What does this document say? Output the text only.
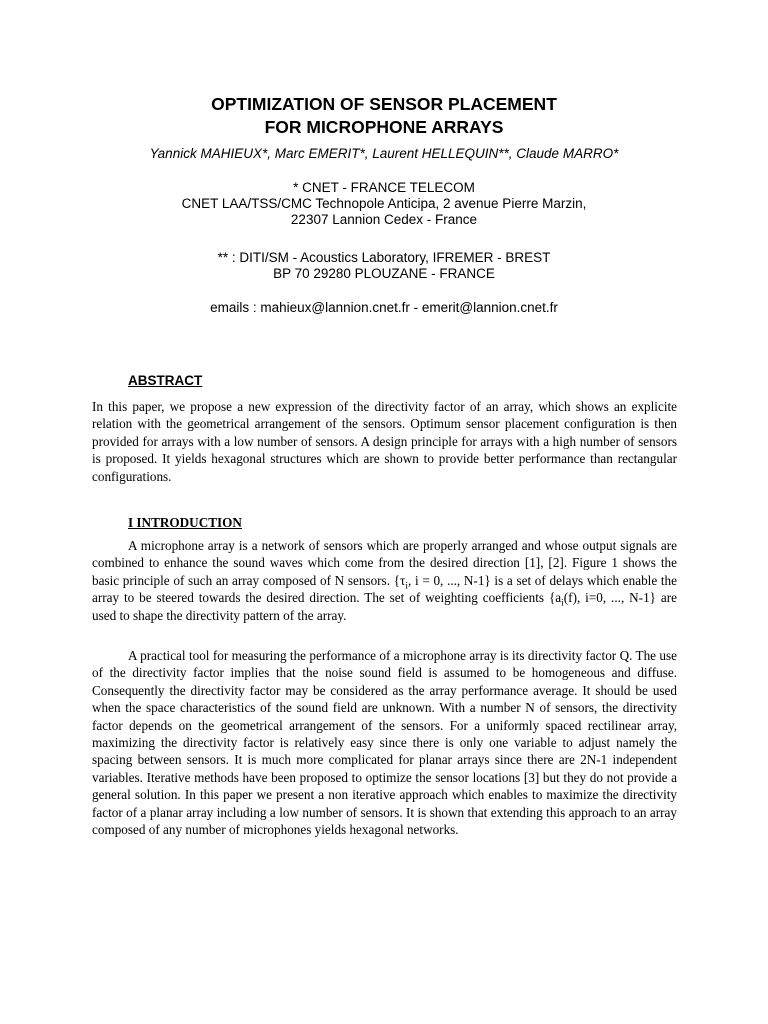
OPTIMIZATION OF SENSOR PLACEMENT
FOR MICROPHONE ARRAYS
Yannick MAHIEUX*, Marc EMERIT*, Laurent HELLEQUIN**, Claude MARRO*
* CNET - FRANCE TELECOM
CNET LAA/TSS/CMC Technopole Anticipa, 2 avenue Pierre Marzin,
22307 Lannion Cedex - France
** : DITI/SM - Acoustics Laboratory, IFREMER - BREST
BP 70 29280 PLOUZANE - FRANCE
emails : mahieux@lannion.cnet.fr - emerit@lannion.cnet.fr
ABSTRACT
In this paper, we propose a new expression of the directivity factor of an array, which shows an explicite relation with the geometrical arrangement of the sensors. Optimum sensor placement configuration is then provided for arrays with a low number of sensors. A design principle for arrays with a high number of sensors is proposed. It yields hexagonal structures which are shown to provide better performance than rectangular configurations.
I INTRODUCTION
A microphone array is a network of sensors which are properly arranged and whose output signals are combined to enhance the sound waves which come from the desired direction [1], [2]. Figure 1 shows the basic principle of such an array composed of N sensors. {$\tau_i$, i = 0, ..., N-1} is a set of delays which enable the array to be steered towards the desired direction. The set of weighting coefficients {$a_i(f)$, i=0, ..., N-1} are used to shape the directivity pattern of the array.
A practical tool for measuring the performance of a microphone array is its directivity factor Q. The use of the directivity factor implies that the noise sound field is assumed to be homogeneous and diffuse. Consequently the directivity factor may be considered as the array performance average. It should be used when the space characteristics of the sound field are unknown. With a number N of sensors, the directivity factor depends on the geometrical arrangement of the sensors. For a uniformly spaced rectilinear array, maximizing the directivity factor is relatively easy since there is only one variable to adjust namely the spacing between sensors. It is much more complicated for planar arrays since there are 2N-1 independent variables. Iterative methods have been proposed to optimize the sensor locations [3] but they do not provide a general solution. In this paper we present a non iterative approach which enables to maximize the directivity factor of a planar array including a low number of sensors. It is shown that extending this approach to an array composed of any number of microphones yields hexagonal networks.
